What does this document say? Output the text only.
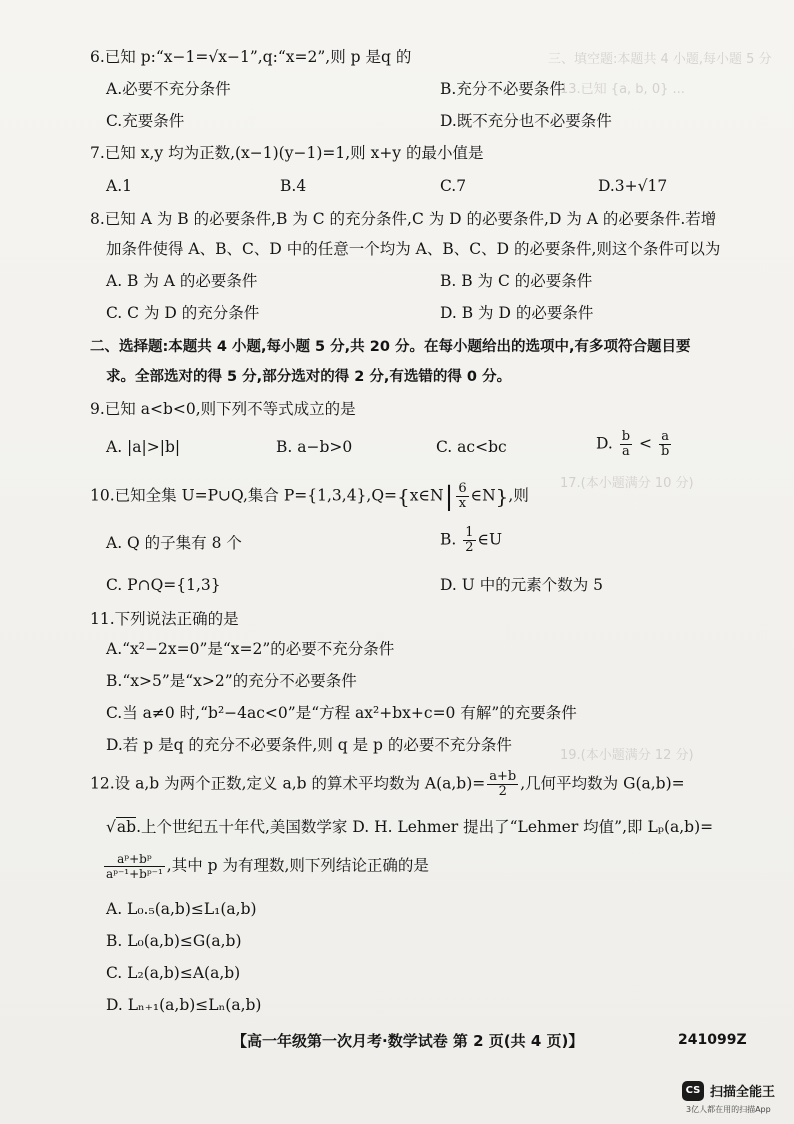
三、填空题:本题共 4 小题,每小题 5 分
13.已知 {a, b, 0} ...
17.(本小题满分 10 分)
19.(本小题满分 12 分)
6.已知 p:“x−1=√x−1”,q:“x=2”,则 p 是q 的
A.必要不充分条件	B.充分不必要条件
C.充要条件	D.既不充分也不必要条件
7.已知 x,y 均为正数,(x−1)(y−1)=1,则 x+y 的最小值是
A.1	B.4	C.7	D.3+√17
8.已知 A 为 B 的必要条件,B 为 C 的充分条件,C 为 D 的必要条件,D 为 A 的必要条件.若增
加条件使得 A、B、C、D 中的任意一个均为 A、B、C、D 的必要条件,则这个条件可以为
A. B 为 A 的必要条件	B. B 为 C 的必要条件
C. C 为 D 的充分条件	D. B 为 D 的必要条件
二、选择题:本题共 4 小题,每小题 5 分,共 20 分。在每小题给出的选项中,有多项符合题目要
求。全部选对的得 5 分,部分选对的得 2 分,有选错的得 0 分。
9.已知 a<b<0,则下列不等式成立的是
A. |a|>|b|	B. a−b>0	C. ac<bc	D. $\frac{b}{a} < \frac{a}{b}$
10.已知全集 U=P∪Q,集合 P={1,3,4},Q={x∈N| $\frac{6}{x}$ ∈N},则
A. Q 的子集有 8 个	B. $\frac{1}{2}$ ∈U
C. P∩Q={1,3}	D. U 中的元素个数为 5
11.下列说法正确的是
A.“x²−2x=0”是“x=2”的必要不充分条件
B.“x>5”是“x>2”的充分不必要条件
C.当 a≠0 时,“b²−4ac<0”是“方程 ax²+bx+c=0 有解”的充要条件
D.若 p 是q 的充分不必要条件,则 q 是 p 的必要不充分条件
12.设 a,b 为两个正数,定义 a,b 的算术平均数为 $A(a,b)= \frac{a+b}{2}$ ,几何平均数为 G(a,b)=
√ab.上个世纪五十年代,美国数学家 D. H. Lehmer 提出了“Lehmer 均值”,即 Lₚ(a,b)=
$\frac{\text{aᵖ+bᵖ}}{\text{aᵖ⁻¹+bᵖ⁻¹}}$ ,其中 p 为有理数,则下列结论正确的是
A. L₀.₅(a,b)≤L₁(a,b)
B. L₀(a,b)≤G(a,b)
C. L₂(a,b)≤A(a,b)
D. Lₙ₊₁(a,b)≤Lₙ(a,b)
【高一年级第一次月考·数学试卷 第 2 页(共 4 页)】	241099Z
CS 扫描全能王
3亿人都在用的扫描App
